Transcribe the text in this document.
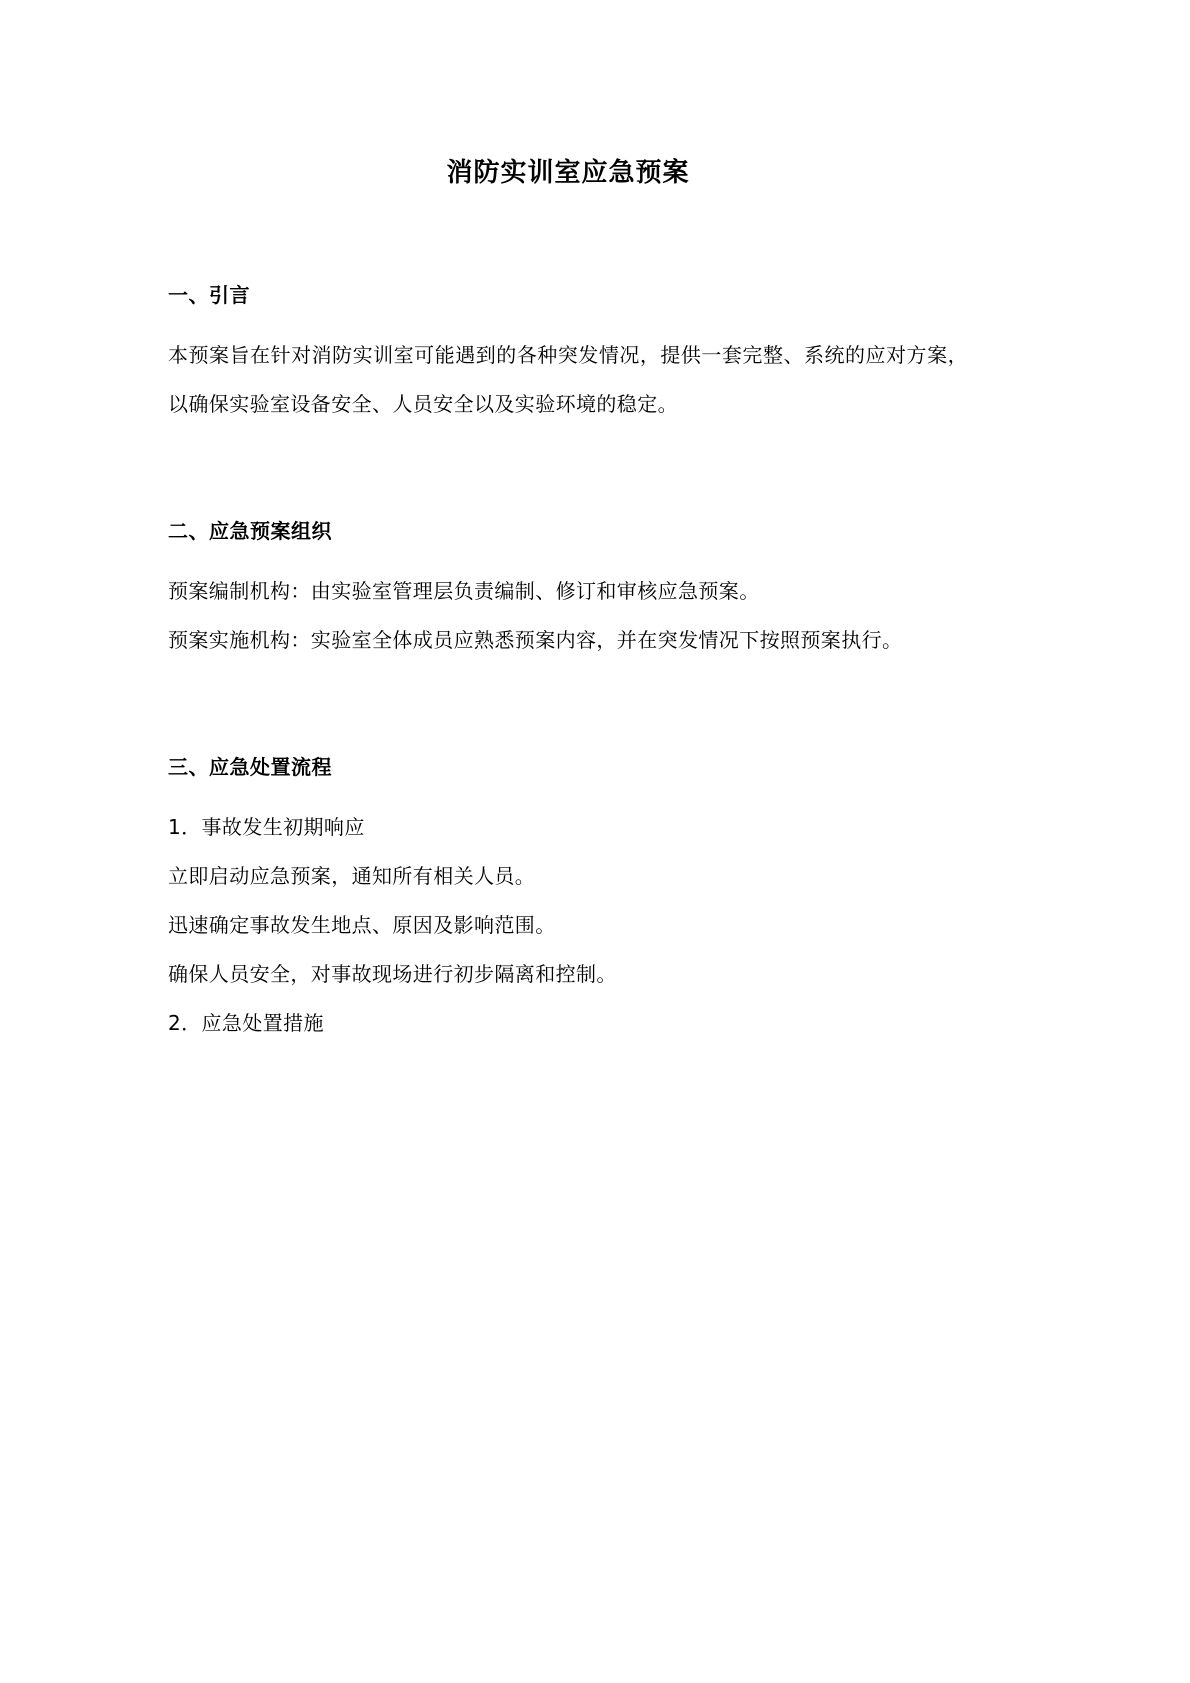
消防实训室应急预案

一、引言

本预案旨在针对消防实训室可能遇到的各种突发情况，提供一套完整、系统的应对方案，以确保实验室设备安全、人员安全以及实验环境的稳定。

二、应急预案组织

预案编制机构：由实验室管理层负责编制、修订和审核应急预案。

预案实施机构：实验室全体成员应熟悉预案内容，并在突发情况下按照预案执行。

三、应急处置流程

1．事故发生初期响应

立即启动应急预案，通知所有相关人员。

迅速确定事故发生地点、原因及影响范围。

确保人员安全，对事故现场进行初步隔离和控制。

2．应急处置措施
